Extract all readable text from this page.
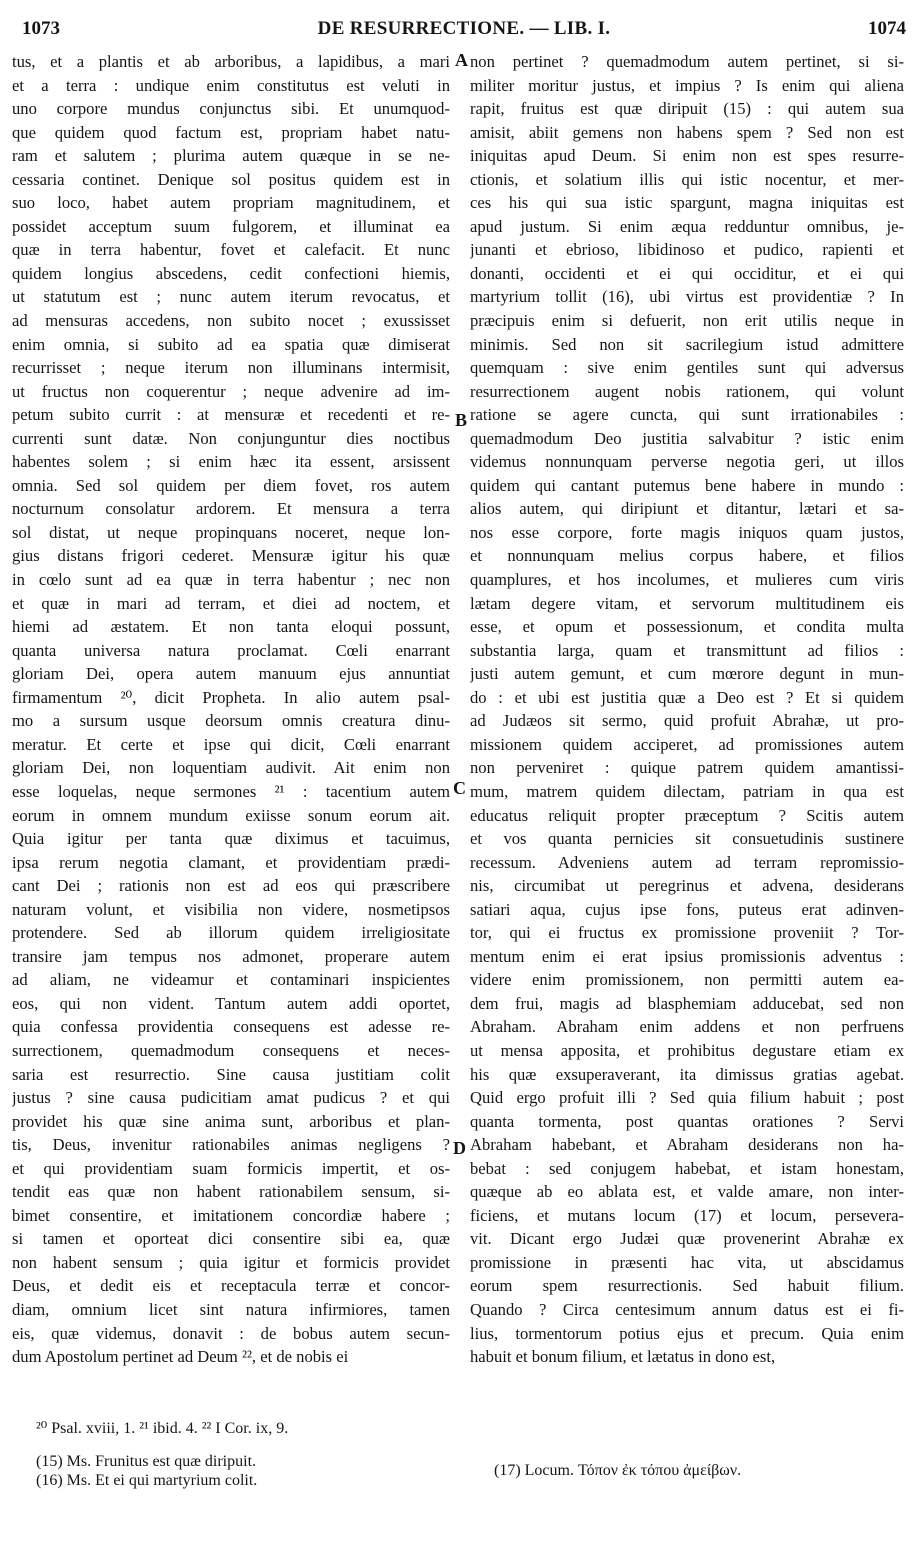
1073	DE RESURRECTIONE. — LIB. I.	1074
tus, et a plantis et ab arboribus, a lapidibus, a mari
et a terra : undique enim constitutus est veluti in
uno corpore mundus conjunctus sibi. Et unumquod-
que quidem quod factum est, propriam habet natu-
ram et salutem ; plurima autem quæque in se ne-
cessaria continet. Denique sol positus quidem est in
suo loco, habet autem propriam magnitudinem, et
possidet acceptum suum fulgorem, et illuminat ea
quæ in terra habentur, fovet et calefacit. Et nunc
quidem longius abscedens, cedit confectioni hiemis,
ut statutum est ; nunc autem iterum revocatus, et
ad mensuras accedens, non subito nocet ; exussisset
enim omnia, si subito ad ea spatia quæ dimiserat
recurrisset ; neque iterum non illuminans intermisit,
ut fructus non coquerentur ; neque advenire ad im-
petum subito currit : at mensuræ et recedenti et re-
currenti sunt datæ. Non conjunguntur dies noctibus
habentes solem ; si enim hæc ita essent, arsissent
omnia. Sed sol quidem per diem fovet, ros autem
nocturnum consolatur ardorem. Et mensura a terra
sol distat, ut neque propinquans noceret, neque lon-
gius distans frigori cederet. Mensuræ igitur his quæ
in cœlo sunt ad ea quæ in terra habentur ; nec non
et quæ in mari ad terram, et diei ad noctem, et
hiemi ad æstatem. Et non tanta eloqui possunt,
quanta universa natura proclamat. Cœli enarrant
gloriam Dei, opera autem manuum ejus annuntiat
firmamentum ²⁰, dicit Propheta. In alio autem psal-
mo a sursum usque deorsum omnis creatura dinu-
meratur. Et certe et ipse qui dicit, Cœli enarrant
gloriam Dei, non loquentiam audivit. Ait enim non
esse loquelas, neque sermones ²¹ : tacentium autem
eorum in omnem mundum exiisse sonum eorum ait.
Quia igitur per tanta quæ diximus et tacuimus,
ipsa rerum negotia clamant, et providentiam prædi-
cant Dei ; rationis non est ad eos qui præscribere
naturam volunt, et visibilia non videre, nosmetipsos
protendere. Sed ab illorum quidem irreligiositate
transire jam tempus nos admonet, properare autem
ad aliam, ne videamur et contaminari inspicientes
eos, qui non vident. Tantum autem addi oportet,
quia confessa providentia consequens est adesse re-
surrectionem, quemadmodum consequens et neces-
saria est resurrectio. Sine causa justitiam colit
justus ? sine causa pudicitiam amat pudicus ? et qui
providet his quæ sine anima sunt, arboribus et plan-
tis, Deus, invenitur rationabiles animas negligens ?
et qui providentiam suam formicis impertit, et os-
tendit eas quæ non habent rationabilem sensum, si-
bimet consentire, et imitationem concordiæ habere ;
si tamen et oporteat dici consentire sibi ea, quæ
non habent sensum ; quia igitur et formicis providet
Deus, et dedit eis et receptacula terræ et concor-
diam, omnium licet sint natura infirmiores, tamen
eis, quæ videmus, donavit : de bobus autem secun-
dum Apostolum pertinet ad Deum ²², et de nobis ei
non pertinet ? quemadmodum autem pertinet, si si-
militer moritur justus, et impius ? Is enim qui aliena
rapit, fruitus est quæ diripuit (15) : qui autem sua
amisit, abiit gemens non habens spem ? Sed non est
iniquitas apud Deum. Si enim non est spes resurre-
ctionis, et solatium illis qui istic nocentur, et mer-
ces his qui sua istic spargunt, magna iniquitas est
apud justum. Si enim æqua redduntur omnibus, je-
junanti et ebrioso, libidinoso et pudico, rapienti et
donanti, occidenti et ei qui occiditur, et ei qui
martyrium tollit (16), ubi virtus est providentiæ ? In
præcipuis enim si defuerit, non erit utilis neque in
minimis. Sed non sit sacrilegium istud admittere
quemquam : sive enim gentiles sunt qui adversus
resurrectionem augent nobis rationem, qui volunt
ratione se agere cuncta, qui sunt irrationabiles :
quemadmodum Deo justitia salvabitur ? istic enim
videmus nonnunquam perverse negotia geri, ut illos
quidem qui cantant putemus bene habere in mundo :
alios autem, qui diripiunt et ditantur, lætari et sa-
nos esse corpore, forte magis iniquos quam justos,
et nonnunquam melius corpus habere, et filios
quamplures, et hos incolumes, et mulieres cum viris
lætam degere vitam, et servorum multitudinem eis
esse, et opum et possessionum, et condita multa
substantia larga, quam et transmittunt ad filios :
justi autem gemunt, et cum mœrore degunt in mun-
do : et ubi est justitia quæ a Deo est ? Et si quidem
ad Judæos sit sermo, quid profuit Abrahæ, ut pro-
missionem quidem acciperet, ad promissiones autem
non perveniret : quique patrem quidem amantissi-
mum, matrem quidem dilectam, patriam in qua est
educatus reliquit propter præceptum ? Scitis autem
et vos quanta pernicies sit consuetudinis sustinere
recessum. Adveniens autem ad terram repromissio-
nis, circumibat ut peregrinus et advena, desiderans
satiari aqua, cujus ipse fons, puteus erat adinven-
tor, qui ei fructus ex promissione proveniit ? Tor-
mentum enim ei erat ipsius promissionis adventus :
videre enim promissionem, non permitti autem ea-
dem frui, magis ad blasphemiam adducebat, sed non
Abraham. Abraham enim addens et non perfruens
ut mensa apposita, et prohibitus degustare etiam ex
his quæ exsuperaverant, ita dimissus gratias agebat.
Quid ergo profuit illi ? Sed quia filium habuit ; post
quanta tormenta, post quantas orationes ? Servi
Abraham habebant, et Abraham desiderans non ha-
bebat : sed conjugem habebat, et istam honestam,
quæque ab eo ablata est, et valde amare, non inter-
ficiens, et mutans locum (17) et locum, persevera-
vit. Dicant ergo Judæi quæ provenerint Abrahæ ex
promissione in præsenti hac vita, ut abscidamus
eorum spem resurrectionis. Sed habuit filium.
Quando ? Circa centesimum annum datus est ei fi-
lius, tormentorum potius ejus et precum. Quia enim
habuit et bonum filium, et lætatus in dono est,
A
B
C
D
²⁰ Psal. xviii, 1. ²¹ ibid. 4. ²² I Cor. ix, 9.
(15) Ms. Frunitus est quæ diripuit.
(16) Ms. Et ei qui martyrium colit.
(17) Locum. Τόπον ἐκ τόπου ἀμείβων.
